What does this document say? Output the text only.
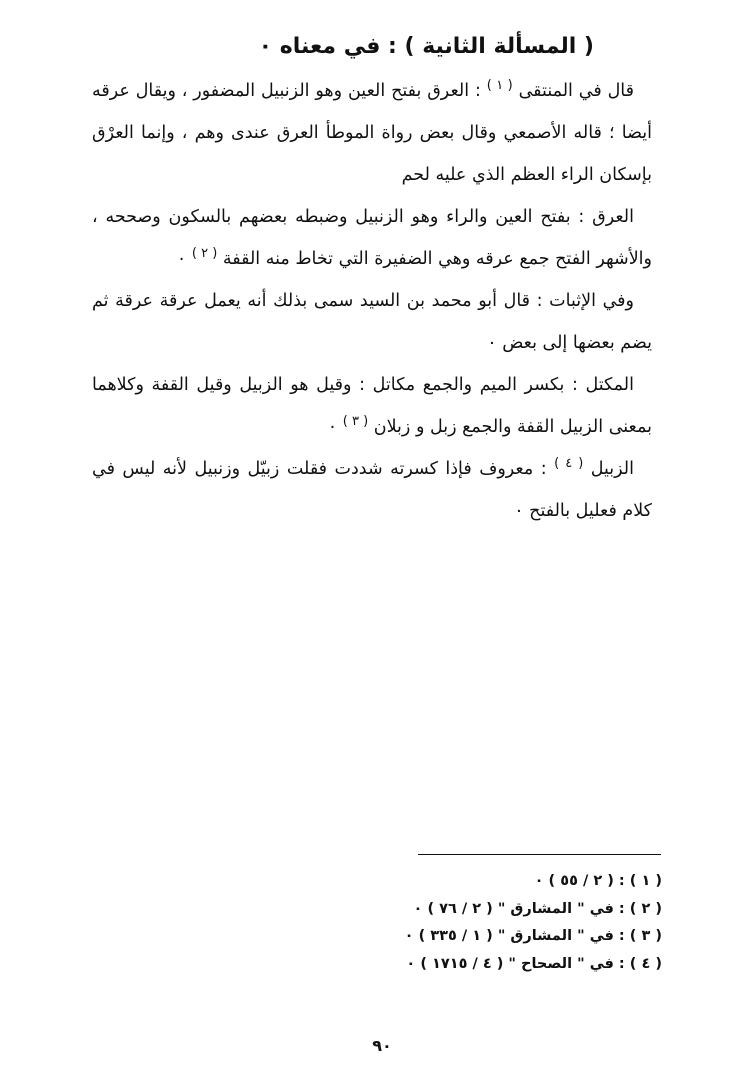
( المسألة الثانية ) : في معناه ٠

قال في المنتقى $^{( ١ )}$ : العرق بفتح العين وهو الزنبيل المضفور ، ويقال عرقه أيضا ؛ قاله الأصمعي وقال بعض رواة الموطأ العرق عندى وهم ، وإنما العرْق بإسكان الراء العظم الذي عليه لحم

العرق : بفتح العين والراء وهو الزنبيل وضبطه بعضهم بالسكون وصححه ، والأشهر الفتح جمع عرقه وهي الضفيرة التي تخاط منه القفة $^{( ٢ )}$ ٠

وفي الإثبات : قال أبو محمد بن السيد سمى بذلك أنه يعمل عرقة عرقة ثم يضم بعضها إلى بعض ٠

المكتل : بكسر الميم والجمع مكاتل : وقيل هو الزبيل وقيل القفة وكلاهما بمعنى الزبيل القفة والجمع زبل و زبلان $^{( ٣ )}$ ٠

الزبيل $^{( ٤ )}$ : معروف فإذا كسرته شددت فقلت زبيّل وزنبيل لأنه ليس في كلام فعليل بالفتح ٠

( ١ ) : ( ٢ / ٥٥ ) ٠
( ٢ ) : في " المشارق " ( ٢ / ٧٦ ) ٠
( ٣ ) : في " المشارق " ( ١ / ٣٣٥ ) ٠
( ٤ ) : في " الصحاح " ( ٤ / ١٧١٥ ) ٠
٩٠
